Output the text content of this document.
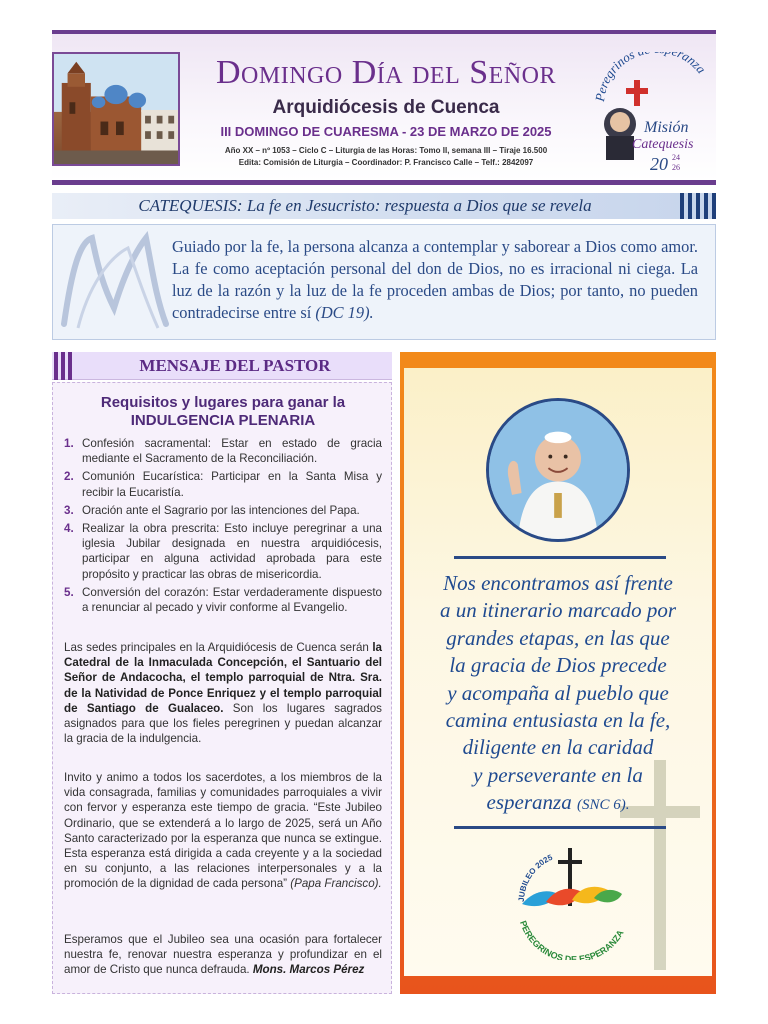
Domingo Día del Señor
Arquidiócesis de Cuenca
III DOMINGO DE CUARESMA - 23 DE MARZO DE 2025
Año XX – nº 1053 – Ciclo C – Liturgia de las Horas: Tomo II, semana III – Tiraje 16.500
Edita: Comisión de Liturgia – Coordinador: P. Francisco Calle – Telf.: 2842097
Peregrinos ranza
Misión
Catequesis
20 24
26
CATEQUESIS: La fe en Jesucristo: respuesta a Dios que se revela
Guiado por la fe, la persona alcanza a contemplar y saborear a Dios como amor. La fe como aceptación personal del don de Dios, no es irracional ni ciega. La luz de la razón y la luz de la fe proceden ambas de Dios; por tanto, no pueden contradecirse entre sí (DC 19).
MENSAJE DEL PASTOR
Requisitos y lugares para ganar la
INDULGENCIA PLENARIA
1. Confesión sacramental: Estar en estado de gracia mediante el Sacramento de la Reconciliación.
2. Comunión Eucarística: Participar en la Santa Misa y recibir la Eucaristía.
3. Oración ante el Sagrario por las intenciones del Papa.
4. Realizar la obra prescrita: Esto incluye peregrinar a una iglesia Jubilar designada en nuestra arquidiócesis, participar en alguna actividad aprobada para este propósito y practicar las obras de misericordia.
5. Conversión del corazón: Estar verdaderamente dispuesto a renunciar al pecado y vivir conforme al Evangelio.
Las sedes principales en la Arquidiócesis de Cuenca serán la Catedral de la Inmaculada Concepción, el Santuario del Señor de Andacocha, el templo parroquial de Ntra. Sra. de la Natividad de Ponce Enriquez y el templo parroquial de Santiago de Gualaceo. Son los lugares sagrados asignados para que los fieles peregrinen y puedan alcanzar la gracia de la indulgencia.
Invito y animo a todos los sacerdotes, a los miembros de la vida consagrada, familias y comunidades parroquiales a vivir con fervor y esperanza este tiempo de gracia. “Este Jubileo Ordinario, que se extenderá a lo largo de 2025, será un Año Santo caracterizado por la esperanza que nunca se extingue. Esta esperanza está dirigida a cada creyente y a la sociedad en su conjunto, a las relaciones interpersonales y a la promoción de la dignidad de cada persona” (Papa Francisco).
Esperamos que el Jubileo sea una ocasión para fortalecer nuestra fe, renovar nuestra esperanza y profundizar en el amor de Cristo que nunca defrauda. Mons. Marcos Pérez
Nos encontramos así frente
a un itinerario marcado por
grandes etapas, en las que
la gracia de Dios precede
y acompaña al pueblo que
camina entusiasta en la fe,
diligente en la caridad
y perseverante en la
esperanza (SNC 6).
JUBILEO 2025
PEREGRINOS DE ESPERANZA
